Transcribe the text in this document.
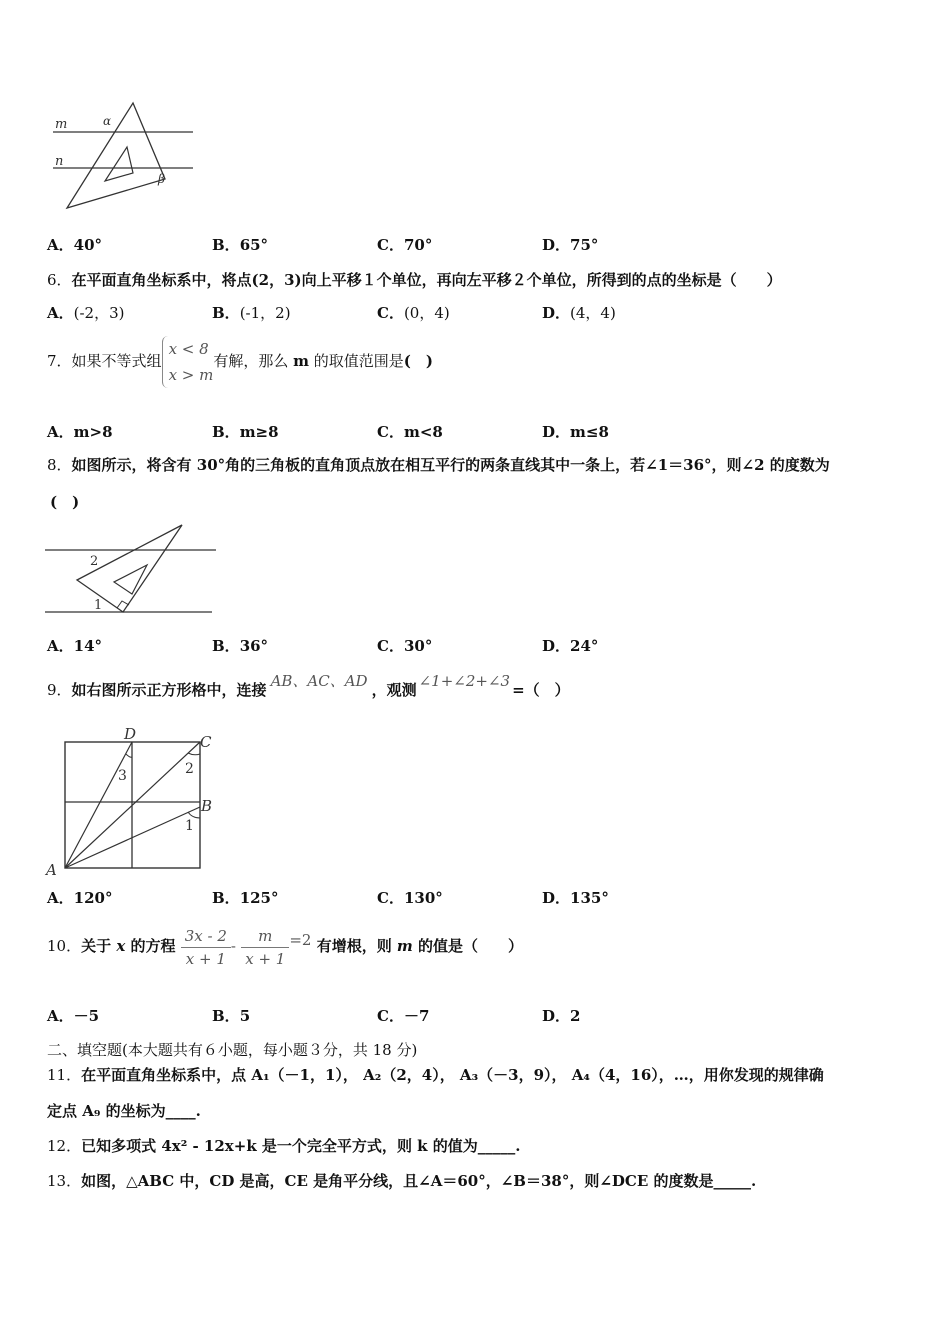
m
n
α
β
A．40°	B．65°	C．70°	D．75°
6．在平面直角坐标系中，将点(2，3)向上平移１个单位，再向左平移２个单位，所得到的点的坐标是（　　）
A．(-2，3)	B．(-1，2)	C．(0，4)	D．(4，4)
7．如果不等式组
x < 8
x > m
有解，那么 m 的取值范围是(　)
A．m>8	B．m≥8	C．m<8	D．m≤8
8．如图所示，将含有 30°角的三角板的直角顶点放在相互平行的两条直线其中一条上，若∠1＝36°，则∠2 的度数为
(　)
1
2
A．14°	B．36°	C．30°	D．24°
9．如右图所示正方形格中，连接 AB、AC、AD ，观测 ∠1+∠2+∠3 =（　）
A
B
C
D
1
2
3
A．120°	B．125°	C．130°	D．135°
10．关于 x 的方程 $\frac{3x - 2}{x + 1} - \frac{m}{x + 1} =2$ 有增根，则 m 的值是（　　）
A．－5	B．5	C．－7	D．2
二、填空题(本大题共有６小题，每小题３分，共 18 分)
11．在平面直角坐标系中，点 A₁（－1，1）， A₂（2，4）， A₃（－3，9）， A₄（4，16），…，用你发现的规律确
定点 A₉ 的坐标为____.
12．已知多项式 4x² - 12x+k 是一个完全平方式，则 k 的值为_____.
13．如图，△ABC 中，CD 是高，CE 是角平分线，且∠A＝60°，∠B＝38°，则∠DCE 的度数是_____.
